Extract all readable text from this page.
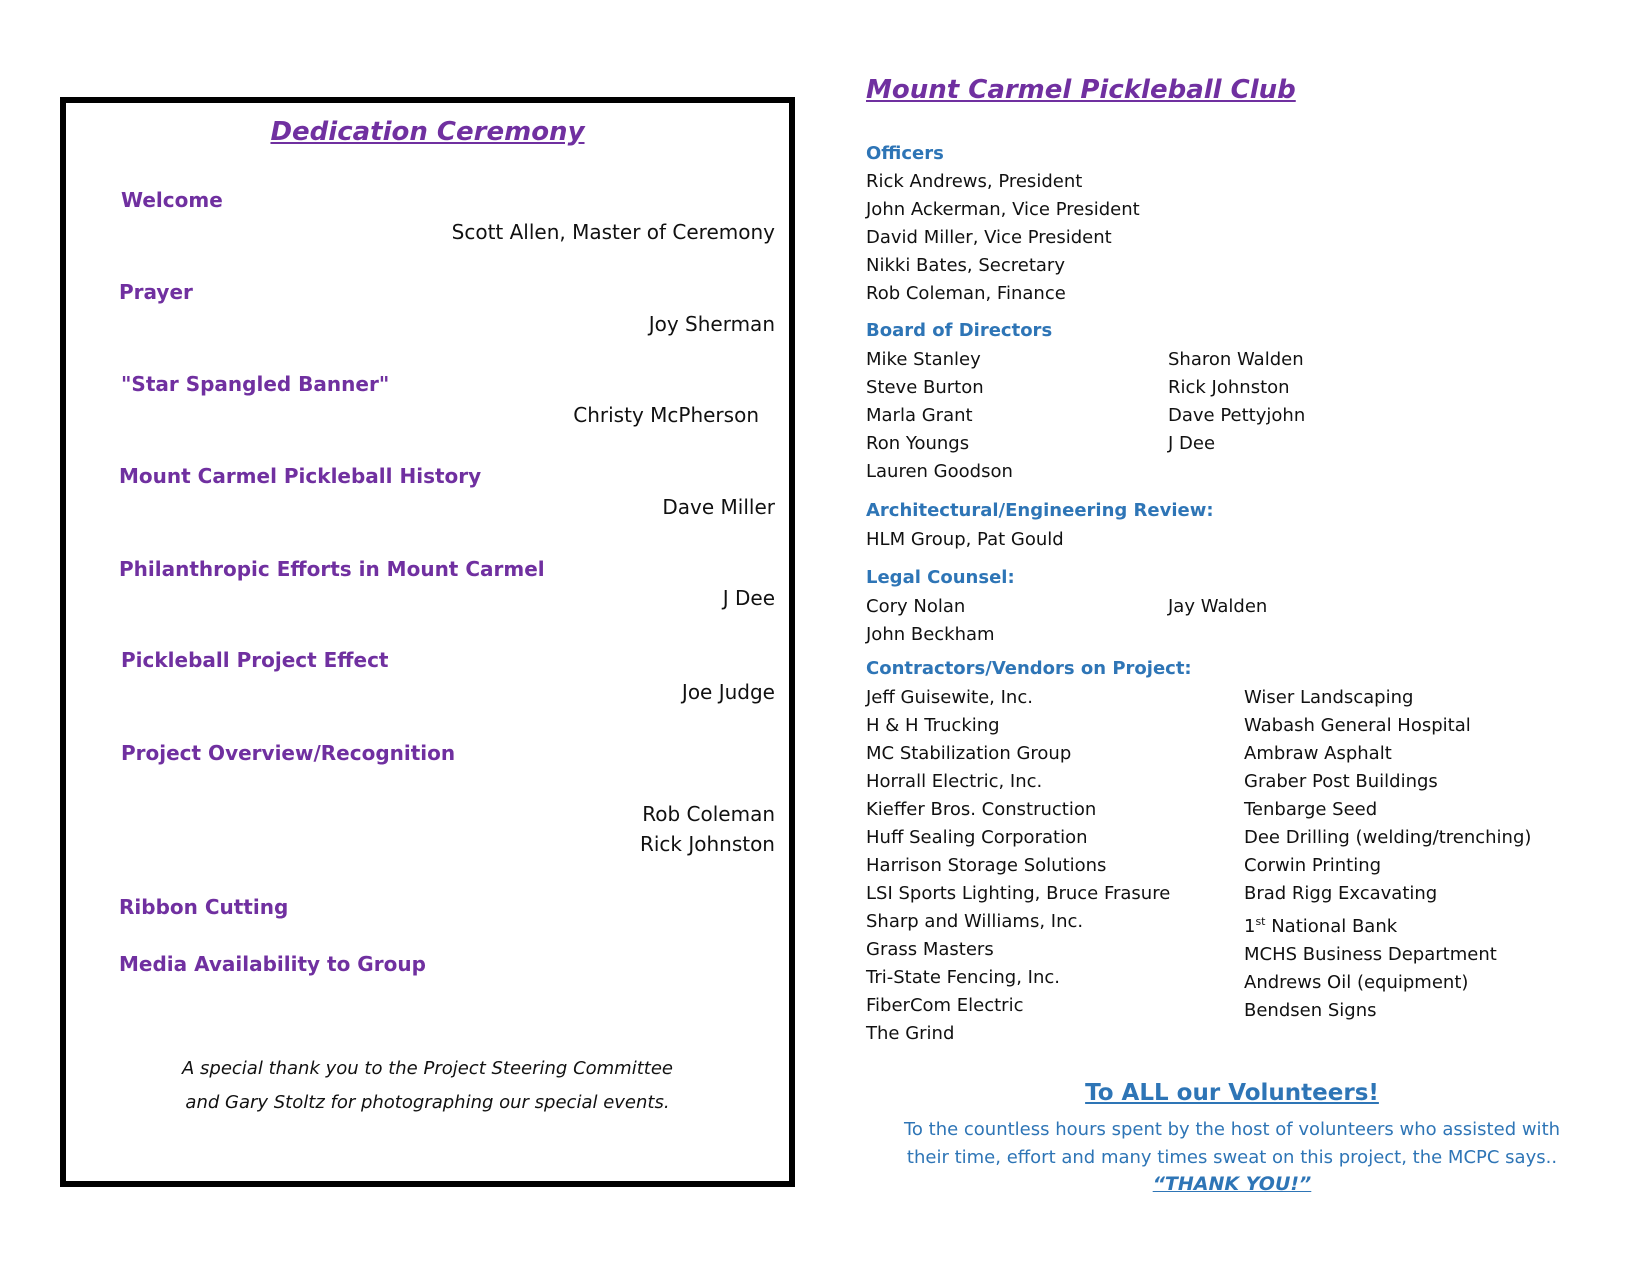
Dedication Ceremony
Welcome
Scott Allen, Master of Ceremony
Prayer
Joy Sherman
"Star Spangled Banner"
Christy McPherson
Mount Carmel Pickleball History
Dave Miller
Philanthropic Efforts in Mount Carmel
J Dee
Pickleball Project Effect
Joe Judge
Project Overview/Recognition
Rob Coleman
Rick Johnston
Ribbon Cutting
Media Availability to Group
A special thank you to the Project Steering Committee
and Gary Stoltz for photographing our special events.
Mount Carmel Pickleball Club
Officers
Rick Andrews, President
John Ackerman, Vice President
David Miller, Vice President
Nikki Bates, Secretary
Rob Coleman, Finance
Board of Directors
Mike Stanley
Steve Burton
Marla Grant
Ron Youngs
Lauren Goodson
Sharon Walden
Rick Johnston
Dave Pettyjohn
J Dee
Architectural/Engineering Review:
HLM Group, Pat Gould
Legal Counsel:
Cory Nolan
John Beckham
Jay Walden
Contractors/Vendors on Project:
Jeff Guisewite, Inc.
H & H Trucking
MC Stabilization Group
Horrall Electric, Inc.
Kieffer Bros. Construction
Huff Sealing Corporation
Harrison Storage Solutions
LSI Sports Lighting, Bruce Frasure
Sharp and Williams, Inc.
Grass Masters
Tri-State Fencing, Inc.
FiberCom Electric
The Grind
Wiser Landscaping
Wabash General Hospital
Ambraw Asphalt
Graber Post Buildings
Tenbarge Seed
Dee Drilling (welding/trenching)
Corwin Printing
Brad Rigg Excavating
1st National Bank
MCHS Business Department
Andrews Oil (equipment)
Bendsen Signs
To ALL our Volunteers!
To the countless hours spent by the host of volunteers who assisted with
their time, effort and many times sweat on this project, the MCPC says..
“THANK YOU!”
